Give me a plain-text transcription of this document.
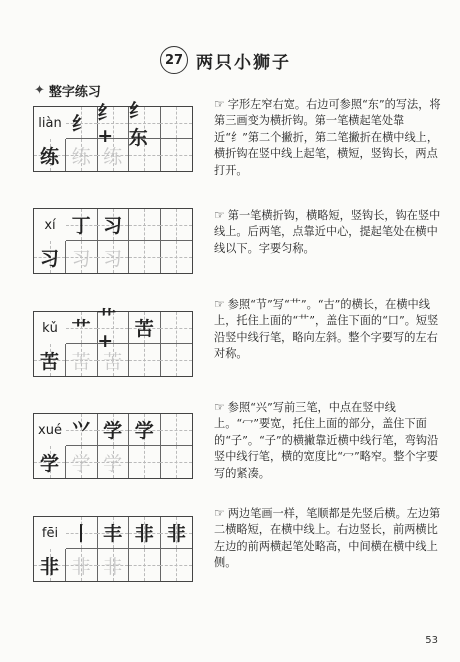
27 两只小狮子
✦ 整字练习
liàn 纟 纟+
纟东
练 练 练
☞ 字形左窄右宽。右边可参照“东”的写法，将第三画变为横折钩。第一笔横起笔处靠近“纟”第二个撇折，第二笔撇折在横中线上，横折钩在竖中线上起笔，横短，竖钩长，两点打开。
xí 丁 习
习 习 习
☞ 第一笔横折钩，横略短，竖钩长，钩在竖中线上。后两笔，点靠近中心，提起笔处在横中线以下。字要匀称。
kǔ 艹 艹+
苦
苦 苦 苦
☞ 参照“节”写“艹”。“古”的横长，在横中线上，托住上面的“艹”，盖住下面的“口”。短竖沿竖中线行笔，略向左斜。整个字要写的左右对称。
xué ⺍ 学 学
学 学 学
☞ 参照“兴”写前三笔，中点在竖中线上。“冖”要宽，托住上面的部分，盖住下面的“子”。“子”的横撇靠近横中线行笔，弯钩沿竖中线行笔，横的宽度比“冖”略窄。整个字要写的紧凑。
fēi 丨 丰 非 非
非 非 非
☞ 两边笔画一样，笔顺都是先竖后横。左边第二横略短，在横中线上。右边竖长，前两横比左边的前两横起笔处略高，中间横在横中线上侧。
53
